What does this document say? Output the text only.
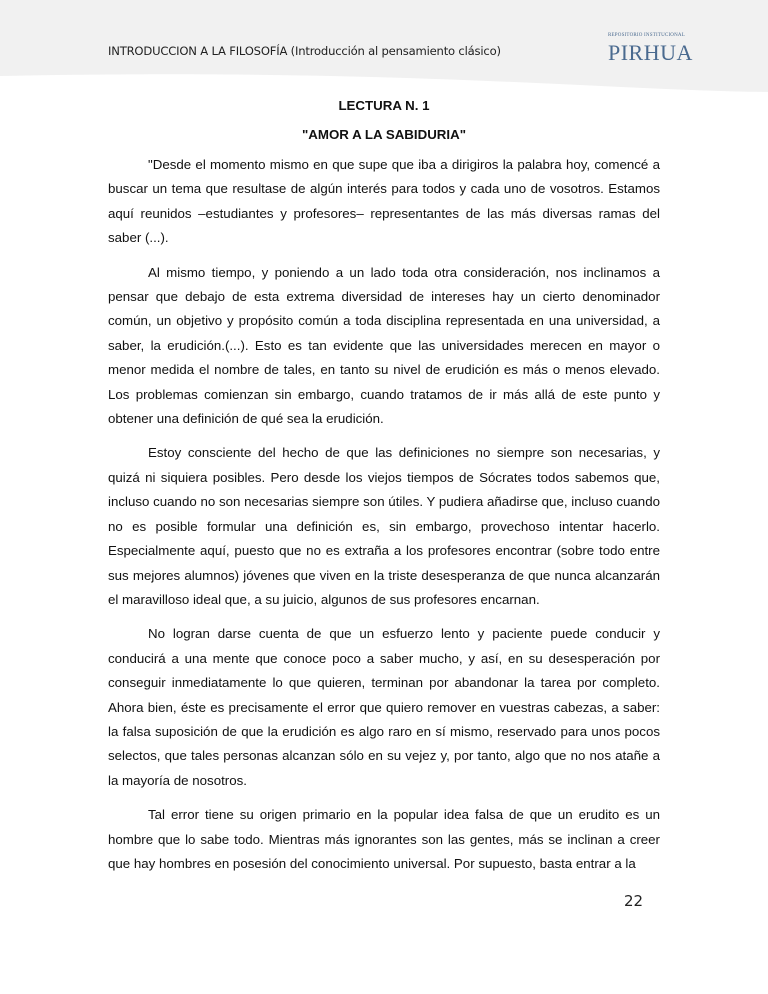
INTRODUCCION A LA FILOSOFÍA (Introducción al pensamiento clásico)
REPOSITORIO INSTITUCIONAL
PIRHUA
LECTURA N. 1
"AMOR A LA SABIDURIA"

"Desde el momento mismo en que supe que iba a dirigiros la palabra hoy, comencé a buscar un tema que resultase de algún interés para todos y cada uno de vosotros. Estamos aquí reunidos –estudiantes y profesores– representantes de las más diversas ramas del saber (...).

Al mismo tiempo, y poniendo a un lado toda otra consideración, nos inclinamos a pensar que debajo de esta extrema diversidad de intereses hay un cierto denominador común, un objetivo y propósito común a toda disciplina representada en una universidad, a saber, la erudición.(...). Esto es tan evidente que las universidades merecen en mayor o menor medida el nombre de tales, en tanto su nivel de erudición es más o menos elevado. Los problemas comienzan sin embargo, cuando tratamos de ir más allá de este punto y obtener una definición de qué sea la erudición.

Estoy consciente del hecho de que las definiciones no siempre son necesarias, y quizá ni siquiera posibles. Pero desde los viejos tiempos de Sócrates todos sabemos que, incluso cuando no son necesarias siempre son útiles. Y pudiera añadirse que, incluso cuando no es posible formular una definición es, sin embargo, provechoso intentar hacerlo. Especialmente aquí, puesto que no es extraña a los profesores encontrar (sobre todo entre sus mejores alumnos) jóvenes que viven en la triste desesperanza de que nunca alcanzarán el maravilloso ideal que, a su juicio, algunos de sus profesores encarnan.

No logran darse cuenta de que un esfuerzo lento y paciente puede conducir y conducirá a una mente que conoce poco a saber mucho, y así, en su desesperación por conseguir inmediatamente lo que quieren, terminan por abandonar la tarea por completo. Ahora bien, éste es precisamente el error que quiero remover en vuestras cabezas, a saber: la falsa suposición de que la erudición es algo raro en sí mismo, reservado para unos pocos selectos, que tales personas alcanzan sólo en su vejez y, por tanto, algo que no nos atañe a la mayoría de nosotros.

Tal error tiene su origen primario en la popular idea falsa de que un erudito es un hombre que lo sabe todo. Mientras más ignorantes son las gentes, más se inclinan a creer que hay hombres en posesión del conocimiento universal. Por supuesto, basta entrar a la

22
